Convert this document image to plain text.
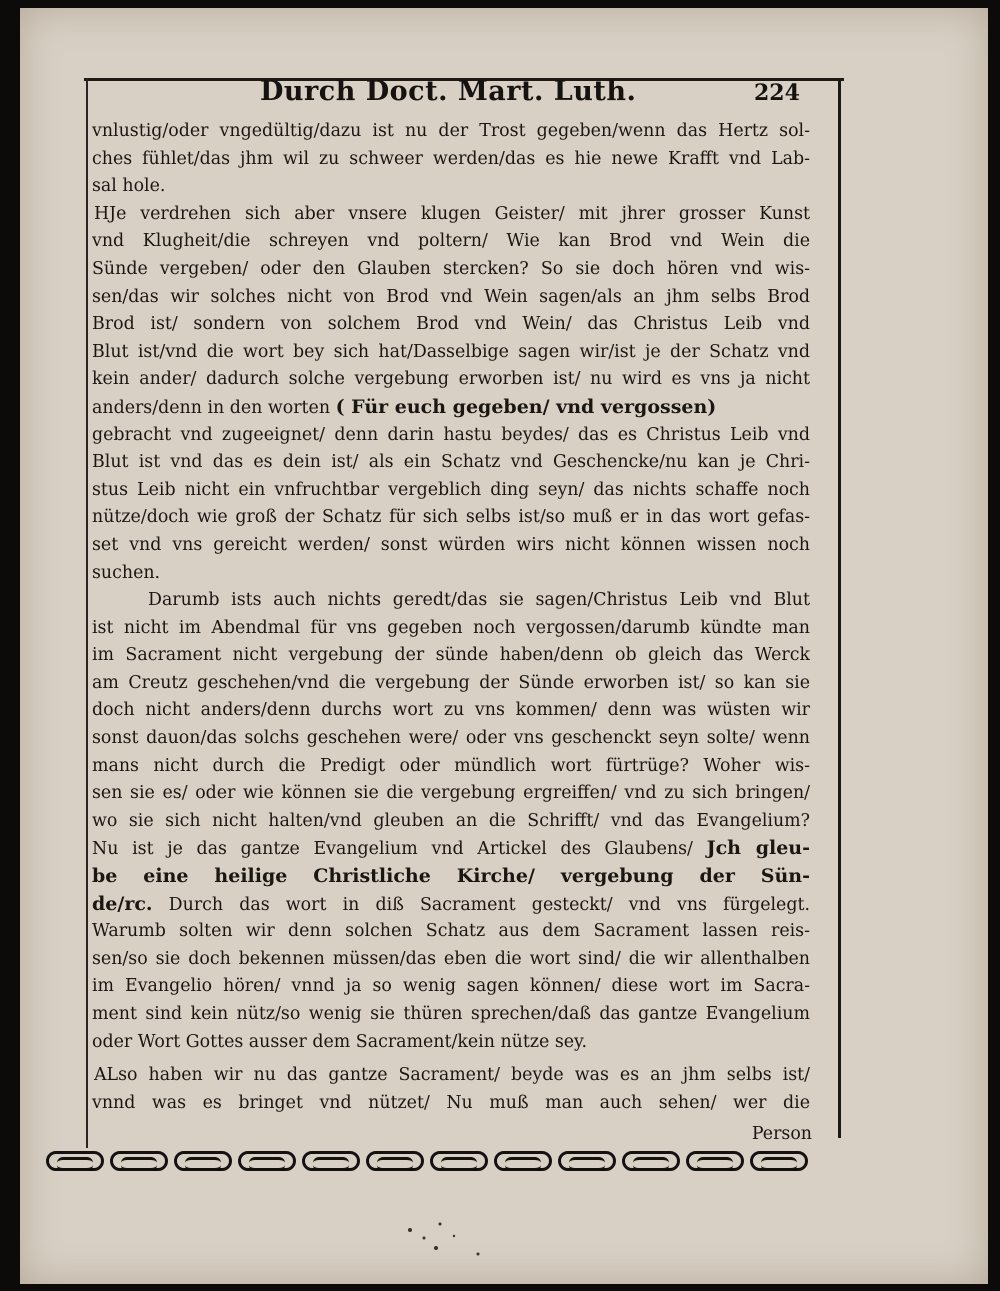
Durch Doct. Mart. Luth.	224
vnlustig/oder vngedültig/dazu ist nu der Trost gegeben/wenn das Hertz sol-
ches fühlet/das jhm wil zu schweer werden/das es hie newe Krafft vnd Lab-
sal hole.
HJe verdrehen sich aber vnsere klugen Geister/ mit jhrer grosser Kunst
vnd Klugheit/die schreyen vnd poltern/ Wie kan Brod vnd Wein die
Sünde vergeben/ oder den Glauben stercken? So sie doch hören vnd wis-
sen/das wir solches nicht von Brod vnd Wein sagen/als an jhm selbs Brod
Brod ist/ sondern von solchem Brod vnd Wein/ das Christus Leib vnd
Blut ist/vnd die wort bey sich hat/Dasselbige sagen wir/ist je der Schatz vnd
kein ander/ dadurch solche vergebung erworben ist/ nu wird es vns ja nicht
anders/denn in den worten ( Für euch gegeben/ vnd vergossen)
gebracht vnd zugeeignet/ denn darin hastu beydes/ das es Christus Leib vnd
Blut ist vnd das es dein ist/ als ein Schatz vnd Geschencke/nu kan je Chri-
stus Leib nicht ein vnfruchtbar vergeblich ding seyn/ das nichts schaffe noch
nütze/doch wie groß der Schatz für sich selbs ist/so muß er in das wort gefas-
set vnd vns gereicht werden/ sonst würden wirs nicht können wissen noch
suchen.
Darumb ists auch nichts geredt/das sie sagen/Christus Leib vnd Blut
ist nicht im Abendmal für vns gegeben noch vergossen/darumb kündte man
im Sacrament nicht vergebung der sünde haben/denn ob gleich das Werck
am Creutz geschehen/vnd die vergebung der Sünde erworben ist/ so kan sie
doch nicht anders/denn durchs wort zu vns kommen/ denn was wüsten wir
sonst dauon/das solchs geschehen were/ oder vns geschenckt seyn solte/ wenn
mans nicht durch die Predigt oder mündlich wort fürtrüge? Woher wis-
sen sie es/ oder wie können sie die vergebung ergreiffen/ vnd zu sich bringen/
wo sie sich nicht halten/vnd gleuben an die Schrifft/ vnd das Evangelium?
Nu ist je das gantze Evangelium vnd Artickel des Glaubens/ Jch gleu-
be eine heilige Christliche Kirche/ vergebung der Sün-
de/rc. Durch das wort in diß Sacrament gesteckt/ vnd vns fürgelegt.
Warumb solten wir denn solchen Schatz aus dem Sacrament lassen reis-
sen/so sie doch bekennen müssen/das eben die wort sind/ die wir allenthalben
im Evangelio hören/ vnnd ja so wenig sagen können/ diese wort im Sacra-
ment sind kein nütz/so wenig sie thüren sprechen/daß das gantze Evangelium
oder Wort Gottes ausser dem Sacrament/kein nütze sey.
ALso haben wir nu das gantze Sacrament/ beyde was es an jhm selbs ist/
vnnd was es bringet vnd nützet/ Nu muß man auch sehen/ wer die
Person
